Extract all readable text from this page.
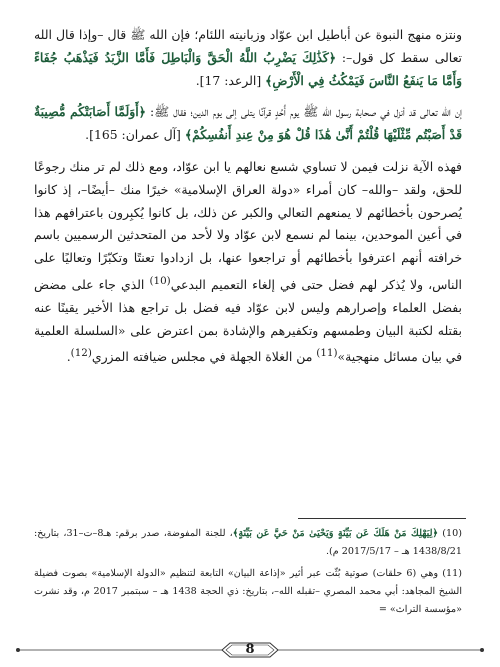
ونتزه منهج النبوة عن أباطيل ابن عوّاد وزبانيته اللئام؛ فإن الله ﷺ قال –وإذا قال الله تعالى سقط كل قول–: ﴿كَذَٰلِكَ يَضْرِبُ اللَّهُ الْحَقَّ وَالْبَاطِلَ فَأَمَّا الزَّبَدُ فَيَذْهَبُ جُفَاءً وَأَمَّا مَا يَنفَعُ النَّاسَ فَيَمْكُثُ فِي الْأَرْضِ﴾ [الرعد: 17].

إن الله تعالى قد أنزل في صحابة رسول الله ﷺ يوم أُحُدٍ قرآنًا يتلى إلى يوم الدين؛ فقال ﷺ: ﴿أَوَلَمَّا أَصَابَتْكُم مُّصِيبَةٌ قَدْ أَصَبْتُم مِّثْلَيْهَا قُلْتُمْ أَنَّىٰ هَٰذَا قُلْ هُوَ مِنْ عِندِ أَنفُسِكُمْ﴾ [آل عمران: 165].

فهذه الآية نزلت فيمن لا تساوي شسع نعالهم يا ابن عوّاد، ومع ذلك لم تر منك رجوعًا للحق، ولقد –والله– كان أمراء «دولة العراق الإسلامية» خيرًا منك –أيضًا–، إذ كانوا يُصرحون بأخطائهم لا يمنعهم التعالي والكبر عن ذلك، بل كانوا يُكبِرون باعترافهم هذا في أعين الموحدين، بينما لم نسمع لابن عوّاد ولا لأحد من المتحدثين الرسميين باسم خرافته أنهم اعترفوا بأخطائهم أو تراجعوا عنها، بل ازدادوا تعنتًا وتكبّرًا وتعاليًا على الناس، ولا يُذكر لهم فضل حتى في إلغاء التعميم البدعي$^{(10)}$ الذي جاء على مضض بفضل العلماء وإصرارهم وليس لابن عوّاد فيه فضل بل تراجع هذا الأخير يقينًا عنه بقتله لكتبة البيان وطمسهم وتكفيرهم والإشادة بمن اعترض على «السلسلة العلمية في بيان مسائل منهجية»$^{(11)}$ من الغلاة الجهلة في مجلس ضيافته المزري$^{(12)}$.

(10) ﴿لِيَهْلِكَ مَنْ هَلَكَ عَن بَيِّنَةٍ وَيَحْيَىٰ مَنْ حَيَّ عَن بَيِّنَةٍ﴾، للجنة المفوضة، صدر برقم: هـ8–ت–31، بتاريخ: 1438/8/21 هـ – 2017/5/17 م).

(11) وهي (6 حلقات) صوتية بُثّت عبر أثير «إذاعة البيان» التابعة لتنظيم «الدولة الإسلامية» بصوت فضيلة الشيخ المجاهد: أبي محمد المصري –تقبله الله–، بتاريخ: ذي الحجة 1438 هـ – سبتمبر 2017 م، وقد نشرت «مؤسسة التراث» =

8
